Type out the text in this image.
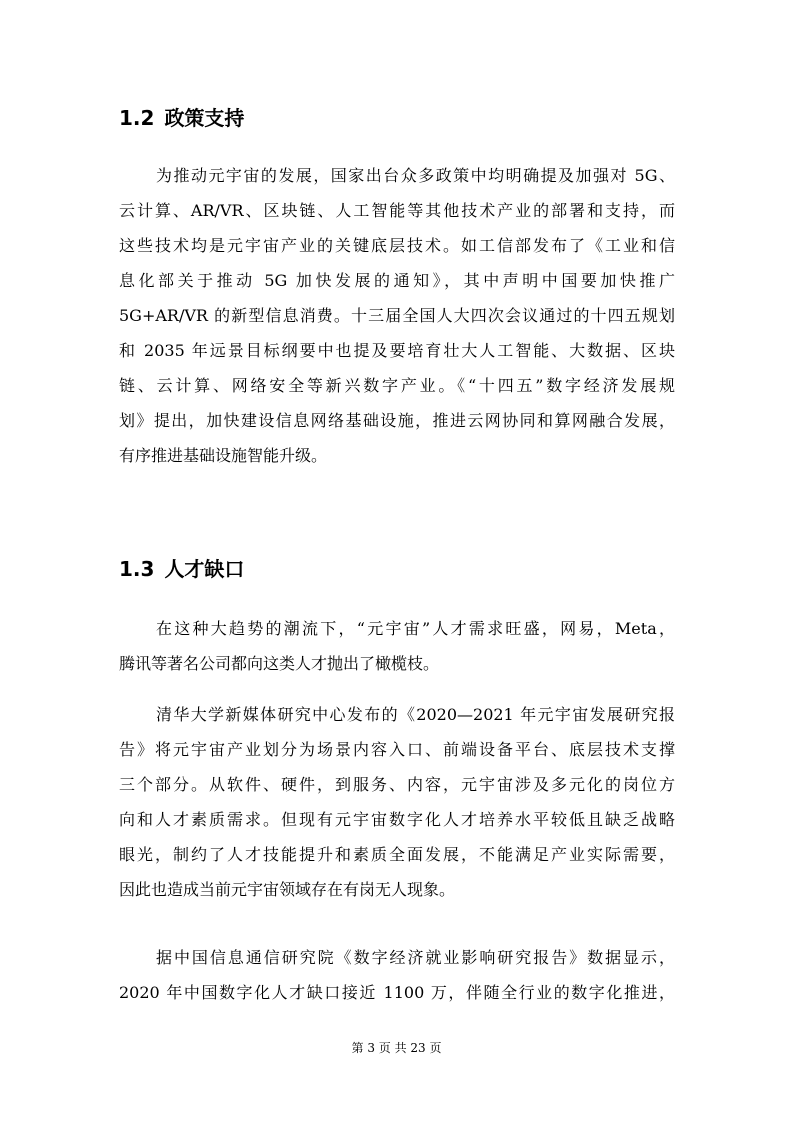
1.2 政策支持
为推动元宇宙的发展，国家出台众多政策中均明确提及加强对 5G、
云计算、AR/VR、区块链、人工智能等其他技术产业的部署和支持，而
这些技术均是元宇宙产业的关键底层技术。如工信部发布了《工业和信
息化部关于推动 5G 加快发展的通知》，其中声明中国要加快推广
5G+AR/VR 的新型信息消费。十三届全国人大四次会议通过的十四五规划
和 2035 年远景目标纲要中也提及要培育壮大人工智能、大数据、区块
链、云计算、网络安全等新兴数字产业。《“十四五”数字经济发展规
划》提出，加快建设信息网络基础设施，推进云网协同和算网融合发展，
有序推进基础设施智能升级。
1.3 人才缺口
在这种大趋势的潮流下，“元宇宙”人才需求旺盛，网易，Meta，
腾讯等著名公司都向这类人才抛出了橄榄枝。
清华大学新媒体研究中心发布的《2020—2021 年元宇宙发展研究报
告》将元宇宙产业划分为场景内容入口、前端设备平台、底层技术支撑
三个部分。从软件、硬件，到服务、内容，元宇宙涉及多元化的岗位方
向和人才素质需求。但现有元宇宙数字化人才培养水平较低且缺乏战略
眼光，制约了人才技能提升和素质全面发展，不能满足产业实际需要，
因此也造成当前元宇宙领域存在有岗无人现象。
据中国信息通信研究院《数字经济就业影响研究报告》数据显示，
2020 年中国数字化人才缺口接近 1100 万，伴随全行业的数字化推进，
第 3 页 共 23 页
